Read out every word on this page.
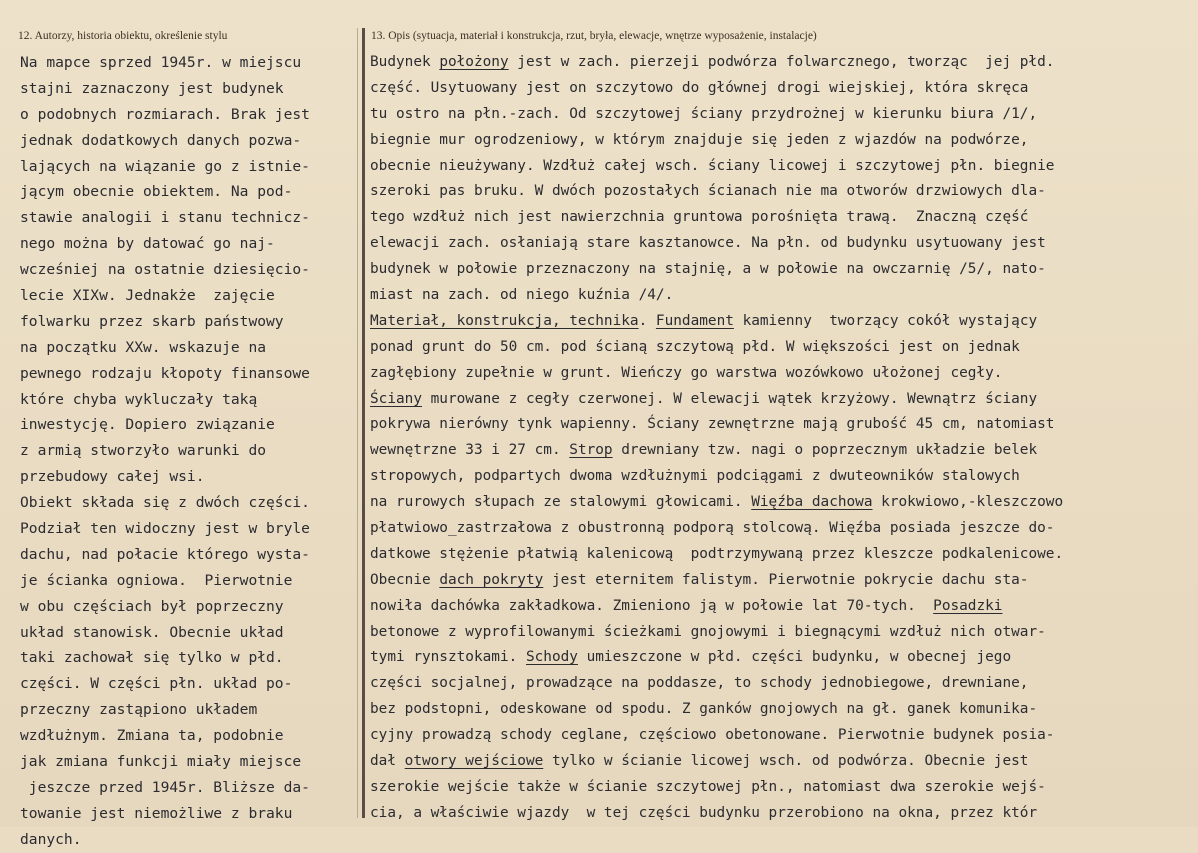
12. Autorzy, historia obiektu, określenie stylu	13. Opis (sytuacja, materiał i konstrukcja, rzut, bryła, elewacje, wnętrze wyposażenie, instalacje)
Na mapce sprzed 1945r. w miejscu
stajni zaznaczony jest budynek
o podobnych rozmiarach. Brak jest
jednak dodatkowych danych pozwa-
lających na wiązanie go z istnie-
jącym obecnie obiektem. Na pod-
stawie analogii i stanu technicz-
nego można by datować go naj-
wcześniej na ostatnie dziesięcio-
lecie XIXw. Jednakże  zajęcie
folwarku przez skarb państwowy
na początku XXw. wskazuje na
pewnego rodzaju kłopoty finansowe
które chyba wykluczały taką
inwestycję. Dopiero związanie
z armią stworzyło warunki do
przebudowy całej wsi.
Obiekt składa się z dwóch części.
Podział ten widoczny jest w bryle
dachu, nad połacie którego wysta-
je ścianka ogniowa.  Pierwotnie
w obu częściach był poprzeczny
układ stanowisk. Obecnie układ
taki zachował się tylko w płd.
części. W części płn. układ po-
przeczny zastąpiono układem
wzdłużnym. Zmiana ta, podobnie
jak zmiana funkcji miały miejsce
jeszcze przed 1945r. Bliższe da-
towanie jest niemożliwe z braku
danych.
Budynek położony jest w zach. pierzeji podwórza folwarcznego, tworząc  jej płd.
część. Usytuowany jest on szczytowo do głównej drogi wiejskiej, która skręca
tu ostro na płn.-zach. Od szczytowej ściany przydrożnej w kierunku biura /1/,
biegnie mur ogrodzeniowy, w którym znajduje się jeden z wjazdów na podwórze,
obecnie nieużywany. Wzdłuż całej wsch. ściany licowej i szczytowej płn. biegnie
szeroki pas bruku. W dwóch pozostałych ścianach nie ma otworów drzwiowych dla-
tego wzdłuż nich jest nawierzchnia gruntowa porośnięta trawą.  Znaczną część
elewacji zach. osłaniają stare kasztanowce. Na płn. od budynku usytuowany jest
budynek w połowie przeznaczony na stajnię, a w połowie na owczarnię /5/, nato-
miast na zach. od niego kuźnia /4/.
Materiał, konstrukcja, technika. Fundament kamienny  tworzący cokół wystający
ponad grunt do 50 cm. pod ścianą szczytową płd. W większości jest on jednak
zagłębiony zupełnie w grunt. Wieńczy go warstwa wozówkowo ułożonej cegły.
Ściany murowane z cegły czerwonej. W elewacji wątek krzyżowy. Wewnątrz ściany
pokrywa nierówny tynk wapienny. Ściany zewnętrzne mają grubość 45 cm, natomiast
wewnętrzne 33 i 27 cm. Strop drewniany tzw. nagi o poprzecznym układzie belek
stropowych, podpartych dwoma wzdłużnymi podciągami z dwuteowników stalowych
na rurowych słupach ze stalowymi głowicami. Więźba dachowa krokwiowo,-kleszczowo
płatwiowo_zastrzałowa z obustronną podporą stolcową. Więźba posiada jeszcze do-
datkowe stężenie płatwią kalenicową  podtrzymywaną przez kleszcze podkalenicowe.
Obecnie dach pokryty jest eternitem falistym. Pierwotnie pokrycie dachu sta-
nowiła dachówka zakładkowa. Zmieniono ją w połowie lat 70-tych.  Posadzki
betonowe z wyprofilowanymi ścieżkami gnojowymi i biegnącymi wzdłuż nich otwar-
tymi rynsztokami. Schody umieszczone w płd. części budynku, w obecnej jego
części socjalnej, prowadzące na poddasze, to schody jednobiegowe, drewniane,
bez podstopni, odeskowane od spodu. Z ganków gnojowych na gł. ganek komunika-
cyjny prowadzą schody ceglane, częściowo obetonowane. Pierwotnie budynek posia-
dał otwory wejściowe tylko w ścianie licowej wsch. od podwórza. Obecnie jest
szerokie wejście także w ścianie szczytowej płn., natomiast dwa szerokie wejś-
cia, a właściwie wjazdy  w tej części budynku przerobiono na okna, przez któr
